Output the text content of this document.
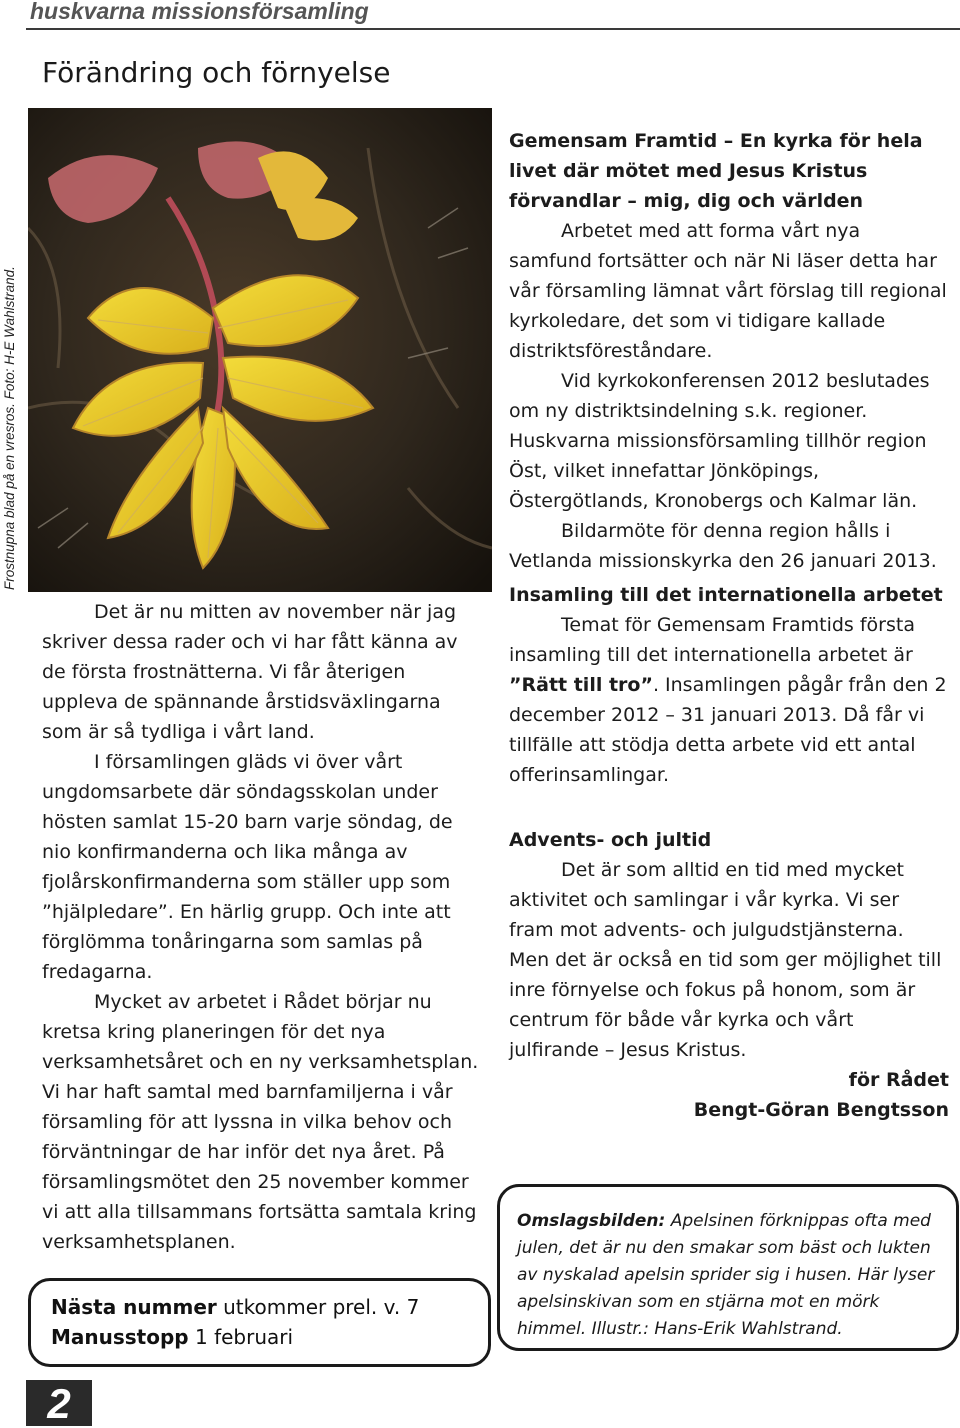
huskvarna missionsförsamling
Förändring och förnyelse
Frostnupna blad på en vresros. Foto: H-E Wahlstrand.

Det är nu mitten av november när jag skriver dessa rader och vi har fått känna av de första frostnätterna. Vi får återigen uppleva de spännande årstidsväxlingarna som är så tydliga i vårt land.

I församlingen gläds vi över vårt ungdomsarbete där söndagsskolan under hösten samlat 15-20 barn varje söndag, de nio konfirmanderna och lika många av fjolårskonfirmanderna som ställer upp som ”hjälpledare”. En härlig grupp. Och inte att förglömma tonåringarna som samlas på fredagarna.

Mycket av arbetet i Rådet börjar nu kretsa kring planeringen för det nya verksamhetsåret och en ny verksamhetsplan. Vi har haft samtal med barnfamiljerna i vår församling för att lyssna in vilka behov och förväntningar de har inför det nya året. På församlingsmötet den 25 november kommer vi att alla tillsammans fortsätta samtala kring verksamhetsplanen.

Gemensam Framtid – En kyrka för hela livet där mötet med Jesus Kristus förvandlar – mig, dig och världen

Arbetet med att forma vårt nya samfund fortsätter och när Ni läser detta har vår församling lämnat vårt förslag till regional kyrkoledare, det som vi tidigare kallade distriktsföreståndare.

Vid kyrkokonferensen 2012 beslutades om ny distriktsindelning s.k. regioner.

Huskvarna missionsförsamling tillhör region Öst, vilket innefattar Jönköpings, Östergötlands, Kronobergs och Kalmar län.

Bildarmöte för denna region hålls i Vetlanda missionskyrka den 26 januari 2013.

Insamling till det internationella arbetet

Temat för Gemensam Framtids första insamling till det internationella arbetet är ”Rätt till tro”. Insamlingen pågår från den 2 december 2012 – 31 januari 2013. Då får vi tillfälle att stödja detta arbete vid ett antal offerinsamlingar.

Advents- och jultid

Det är som alltid en tid med mycket aktivitet och samlingar i vår kyrka. Vi ser fram mot advents- och julgudstjänsterna. Men det är också en tid som ger möjlighet till inre förnyelse och fokus på honom, som är centrum för både vår kyrka och vårt julfirande – Jesus Kristus.

för Rådet

Bengt-Göran Bengtsson

Nästa nummer utkommer prel. v. 7
Manusstopp 1 februari

Omslagsbilden: Apelsinen förknippas ofta med julen, det är nu den smakar som bäst och lukten av nyskalad apelsin sprider sig i husen. Här lyser apelsinskivan som en stjärna mot en mörk himmel. Illustr.: Hans-Erik Wahlstrand.

2
